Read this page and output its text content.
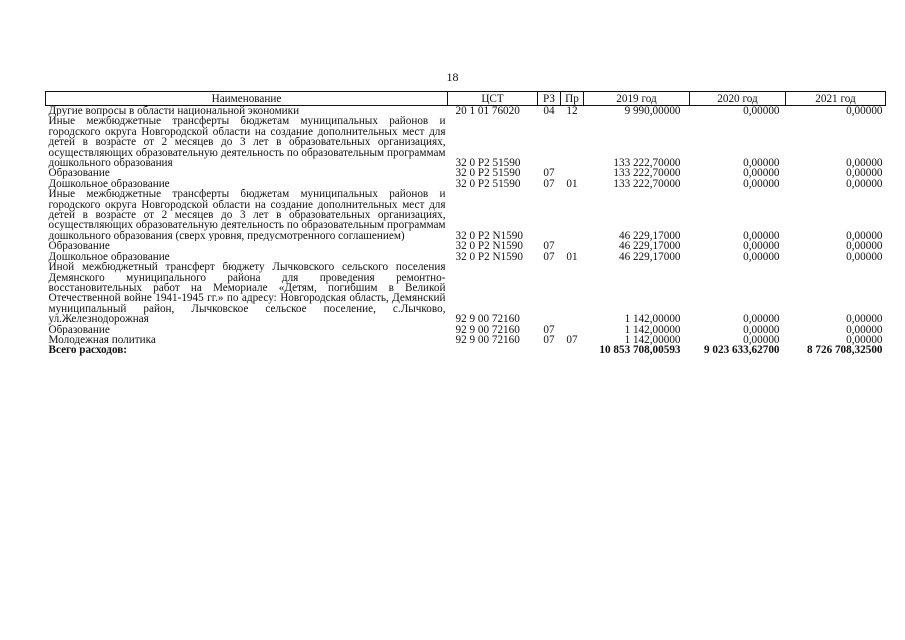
18
Наименование	ЦСТ	РЗ	Пр	2019 год	2020 год	2021 год
Другие вопросы в области национальной экономики	20 1 01 76020	04	12	9 990,00000	0,00000	0,00000
Иные межбюджетные трансферты бюджетам муниципальных районов и городского округа Новгородской области на создание дополнительных мест для детей в возрасте от 2 месяцев до 3 лет в образовательных организациях, осуществляющих образовательную деятельность по образовательным программам дошкольного образования	32 0 P2 51590			133 222,70000	0,00000	0,00000
Образование	32 0 P2 51590	07		133 222,70000	0,00000	0,00000
Дошкольное образование	32 0 P2 51590	07	01	133 222,70000	0,00000	0,00000
Иные межбюджетные трансферты бюджетам муниципальных районов и городского округа Новгородской области на создание дополнительных мест для детей в возрасте от 2 месяцев до 3 лет в образовательных организациях, осуществляющих образовательную деятельность по образовательным программам дошкольного образования (сверх уровня, предусмотренного соглашением)	32 0 P2 N1590			46 229,17000	0,00000	0,00000
Образование	32 0 P2 N1590	07		46 229,17000	0,00000	0,00000
Дошкольное образование	32 0 P2 N1590	07	01	46 229,17000	0,00000	0,00000
Иной межбюджетный трансферт бюджету Лычковского сельского поселения Демянского муниципального района для проведения ремонтно-восстановительных работ на Мемориале «Детям, погибшим в Великой Отечественной войне 1941-1945 гг.» по адресу: Новгородская область, Демянский муниципальный район, Лычковское сельское поселение, с.Лычково, ул.Железнодорожная	92 9 00 72160			1 142,00000	0,00000	0,00000
Образование	92 9 00 72160	07		1 142,00000	0,00000	0,00000
Молодежная политика	92 9 00 72160	07	07	1 142,00000	0,00000	0,00000
Всего расходов:				10 853 708,00593	9 023 633,62700	8 726 708,32500
